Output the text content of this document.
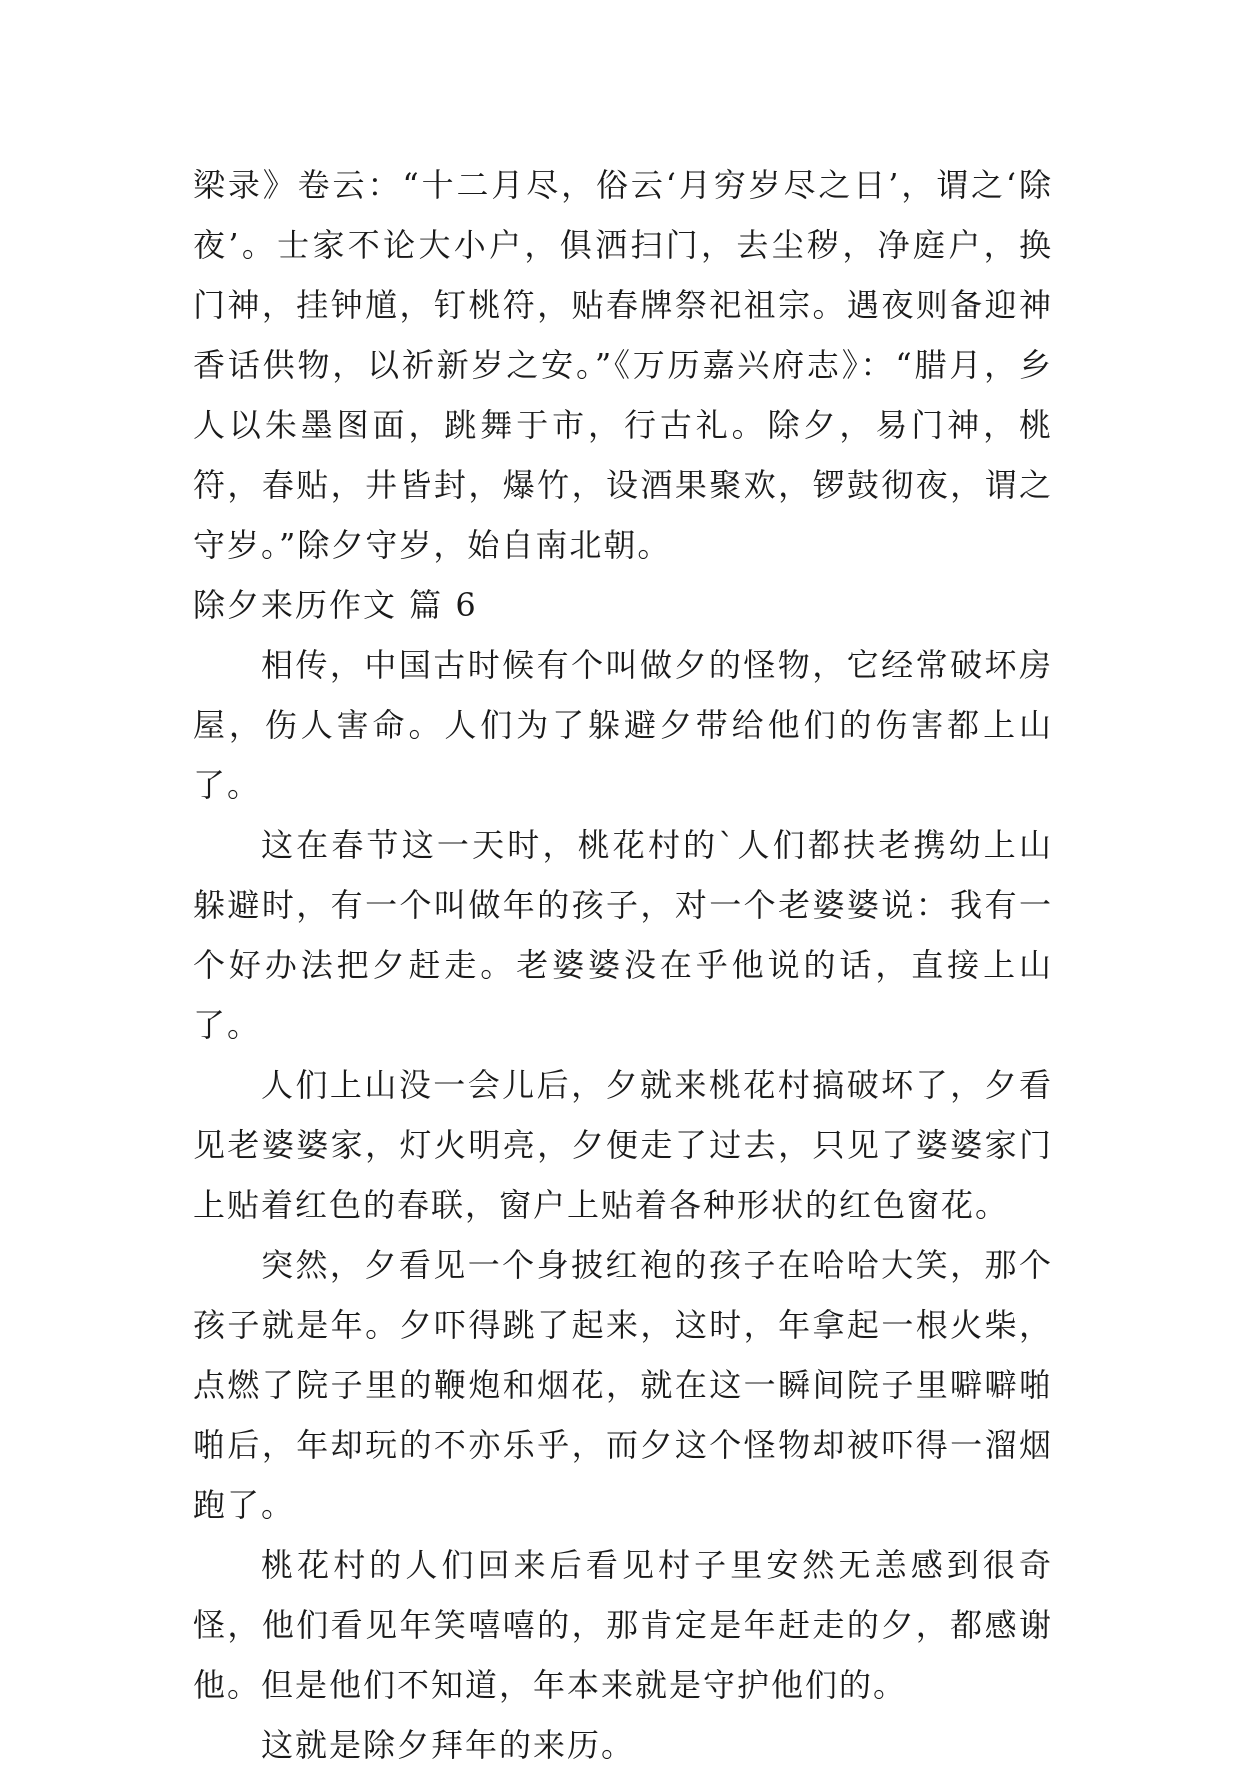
梁录》卷云：“十二月尽，俗云‘月穷岁尽之日’，谓之‘除夜’。士家不论大小户，俱洒扫门，去尘秽，净庭户，换门神，挂钟馗，钉桃符，贴春牌祭祀祖宗。遇夜则备迎神香话供物，以祈新岁之安。”《万历嘉兴府志》：“腊月，乡人以朱墨图面，跳舞于市，行古礼。除夕，易门神，桃符，春贴，井皆封，爆竹，设酒果聚欢，锣鼓彻夜，谓之守岁。”除夕守岁，始自南北朝。

除夕来历作文 篇 6

相传，中国古时候有个叫做夕的怪物，它经常破坏房屋，伤人害命。人们为了躲避夕带给他们的伤害都上山了。

这在春节这一天时，桃花村的`人们都扶老携幼上山躲避时，有一个叫做年的孩子，对一个老婆婆说：我有一个好办法把夕赶走。老婆婆没在乎他说的话，直接上山了。

人们上山没一会儿后，夕就来桃花村搞破坏了，夕看见老婆婆家，灯火明亮，夕便走了过去，只见了婆婆家门上贴着红色的春联，窗户上贴着各种形状的红色窗花。

突然，夕看见一个身披红袍的孩子在哈哈大笑，那个孩子就是年。夕吓得跳了起来，这时，年拿起一根火柴，点燃了院子里的鞭炮和烟花，就在这一瞬间院子里噼噼啪啪后，年却玩的不亦乐乎，而夕这个怪物却被吓得一溜烟跑了。

桃花村的人们回来后看见村子里安然无恙感到很奇怪，他们看见年笑嘻嘻的，那肯定是年赶走的夕，都感谢他。但是他们不知道，年本来就是守护他们的。

这就是除夕拜年的来历。
